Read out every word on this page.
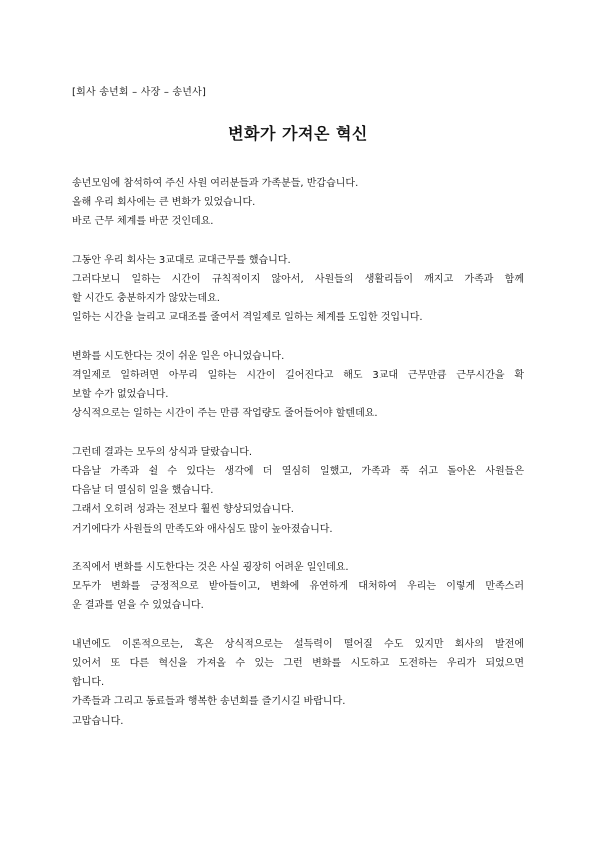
[회사 송년회 – 사장 – 송년사]
변화가 가져온 혁신
송년모임에 참석하여 주신 사원 여러분들과 가족분들, 반갑습니다.
올해 우리 회사에는 큰 변화가 있었습니다.
바로 근무 체계를 바꾼 것인데요.
그동안 우리 회사는 3교대로 교대근무를 했습니다.
그러다보니 일하는 시간이 규칙적이지 않아서, 사원들의 생활리듬이 깨지고 가족과 함께
할 시간도 충분하지가 않았는데요.
일하는 시간을 늘리고 교대조를 줄여서 격일제로 일하는 체계를 도입한 것입니다.
변화를 시도한다는 것이 쉬운 일은 아니었습니다.
격일제로 일하려면 아무리 일하는 시간이 길어진다고 해도 3교대 근무만큼 근무시간을 확
보할 수가 없었습니다.
상식적으로는 일하는 시간이 주는 만큼 작업량도 줄어들어야 할텐데요.
그런데 결과는 모두의 상식과 달랐습니다.
다음날 가족과 쉴 수 있다는 생각에 더 열심히 일했고, 가족과 푹 쉬고 돌아온 사원들은
다음날 더 열심히 일을 했습니다.
그래서 오히려 성과는 전보다 훨씬 향상되었습니다.
거기에다가 사원들의 만족도와 애사심도 많이 높아졌습니다.
조직에서 변화를 시도한다는 것은 사실 굉장히 어려운 일인데요.
모두가 변화를 긍정적으로 받아들이고, 변화에 유연하게 대처하여 우리는 이렇게 만족스러
운 결과를 얻을 수 있었습니다.
내년에도 이론적으로는, 혹은 상식적으로는 설득력이 떨어질 수도 있지만 회사의 발전에
있어서 또 다른 혁신을 가져올 수 있는 그런 변화를 시도하고 도전하는 우리가 되었으면
합니다.
가족들과 그리고 동료들과 행복한 송년회를 즐기시길 바랍니다.
고맙습니다.
